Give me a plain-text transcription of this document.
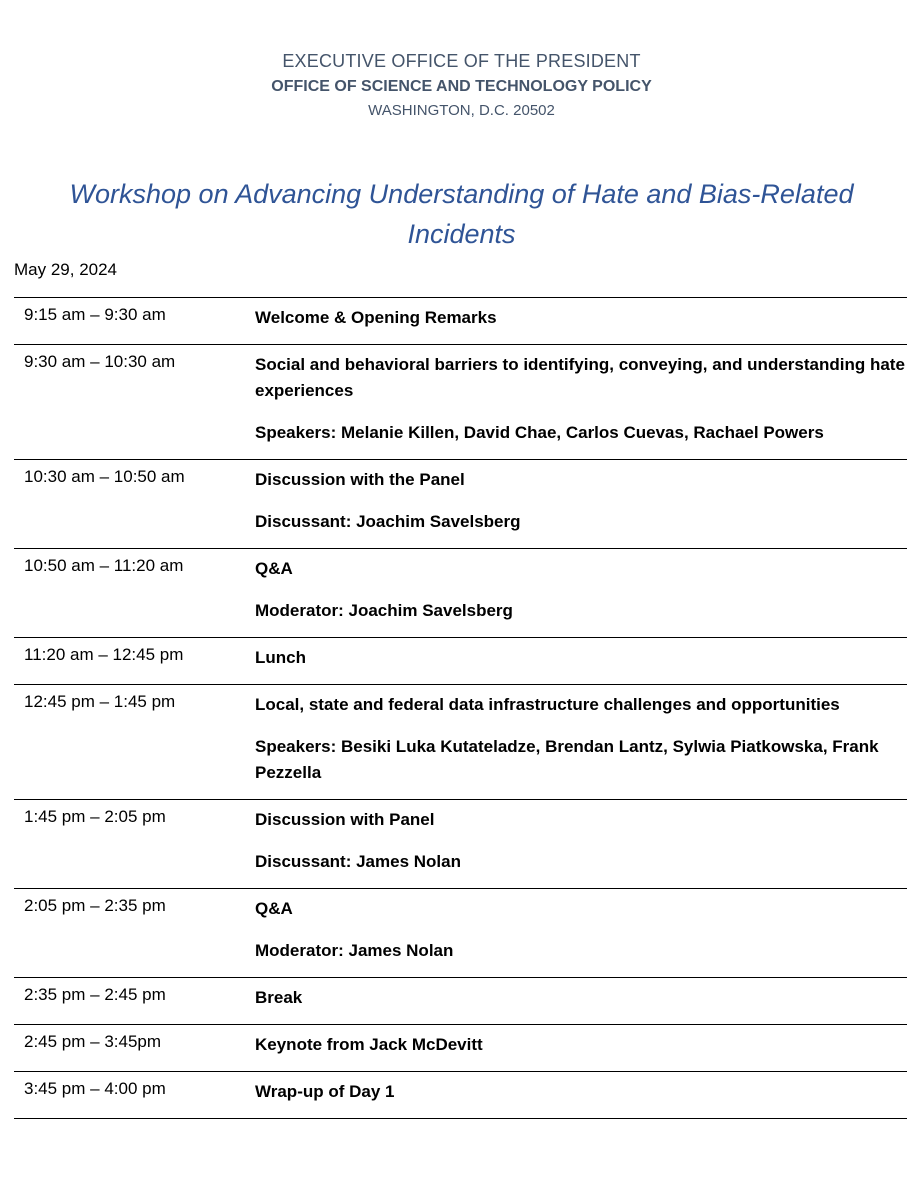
EXECUTIVE OFFICE OF THE PRESIDENT
OFFICE OF SCIENCE AND TECHNOLOGY POLICY
WASHINGTON, D.C. 20502
Workshop on Advancing Understanding of Hate and Bias-Related Incidents
May 29, 2024
9:15 am – 9:30 am	Welcome & Opening Remarks

9:30 am – 10:30 am	Social and behavioral barriers to identifying, conveying, and understanding hate experiences

Speakers: Melanie Killen, David Chae, Carlos Cuevas, Rachael Powers

10:30 am – 10:50 am	Discussion with the Panel

Discussant: Joachim Savelsberg

10:50 am – 11:20 am	Q&A

Moderator: Joachim Savelsberg

11:20 am – 12:45 pm	Lunch

12:45 pm – 1:45 pm	Local, state and federal data infrastructure challenges and opportunities

Speakers: Besiki Luka Kutateladze, Brendan Lantz, Sylwia Piatkowska, Frank Pezzella

1:45 pm – 2:05 pm	Discussion with Panel

Discussant: James Nolan

2:05 pm – 2:35 pm	Q&A

Moderator: James Nolan

2:35 pm – 2:45 pm	Break

2:45 pm – 3:45pm	Keynote from Jack McDevitt

3:45 pm – 4:00 pm	Wrap-up of Day 1
